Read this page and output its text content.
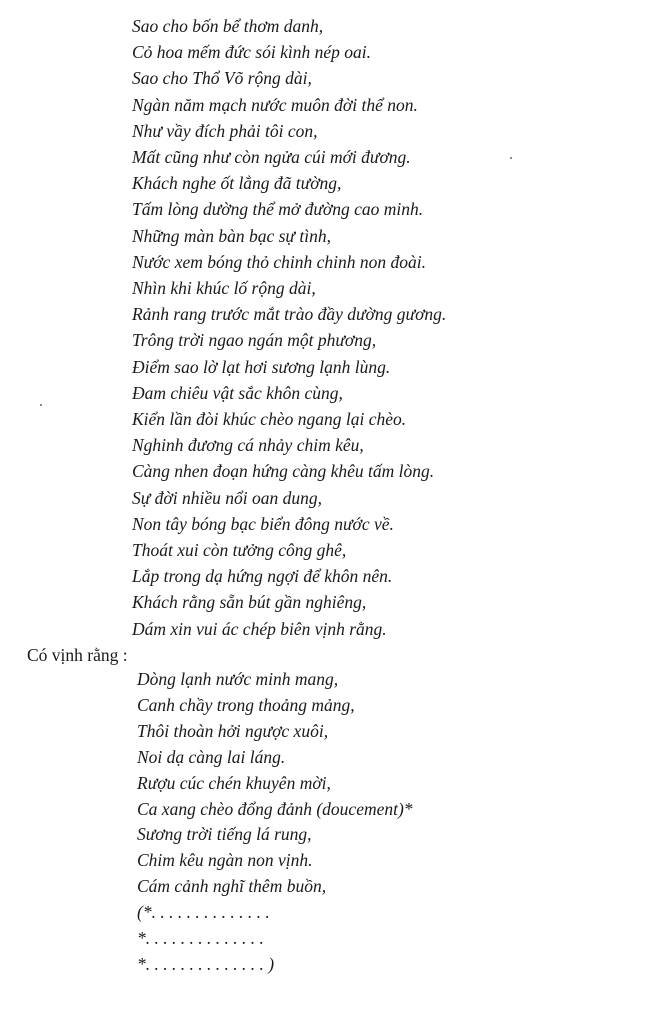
Sao cho bốn bể thơm danh,
Cỏ hoa mếm đức sói kình nép oai.
Sao cho Thổ Võ rộng dài,
Ngàn năm mạch nước muôn đời thể non.
Như vầy đích phải tôi con,
Mất cũng như còn ngửa cúi mới đương.
Khách nghe ốt lẳng đã tường,
Tấm lòng dường thể mở đường cao minh.
Những màn bàn bạc sự tình,
Nước xem bóng thỏ chinh chinh non đoài.
Nhìn khi khúc lố rộng dài,
Rảnh rang trước mắt trào đầy dường gương.
Trông trời ngao ngán một phương,
Điểm sao lờ lạt hơi sương lạnh lùng.
Đam chiêu vật sắc khôn cùng,
Kiển lần đòi khúc chèo ngang lại chèo.
Nghinh đương cá nhảy chim kêu,
Càng nhen đoạn hứng càng khêu tấm lòng.
Sự đời nhiều nổi oan dung,
Non tây bóng bạc biển đông nước về.
Thoát xui còn tưởng công ghê,
Lắp trong dạ hứng ngợi để khôn nên.
Khách rằng sẵn bút gần nghiêng,
Dám xin vui ác chép biên vịnh rằng.
Có vịnh rằng :
Dòng lạnh nước minh mang,
Canh chầy trong thoảng mảng,
Thôi thoàn hởi ngược xuôi,
Noi dạ càng lai láng.
Rượu cúc chén khuyên mời,
Ca xang chèo đổng đảnh (doucement)*
Sương trời tiếng lá rung,
Chim kêu ngàn non vịnh.
Cám cảnh nghĩ thêm buồn,
(*. . . . . . . . . . . . . .
*. . . . . . . . . . . . . .
*. . . . . . . . . . . . . . )
